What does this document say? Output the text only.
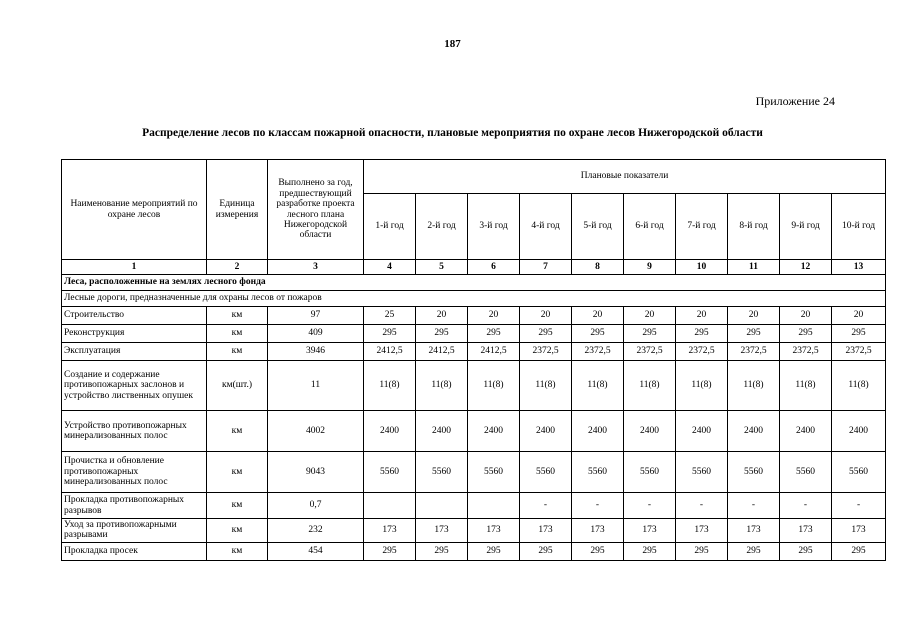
187
Приложение 24
Распределение лесов по классам пожарной опасности, плановые мероприятия по охране лесов Нижегородской области
Наименование мероприятий по охране лесов	Единица измерения	Выполнено за год, предшествующий разработке проекта лесного плана Нижегородской области	Плановые показатели									
			1-й год	2-й год	3-й год	4-й год	5-й год	6-й год	7-й год	8-й год	9-й год	10-й год
1	2	3	4	5	6	7	8	9	10	11	12	13
Леса, расположенные на землях лесного фонда												
Лесные дороги, предназначенные для охраны лесов от пожаров												
Строительство	км	97	25	20	20	20	20	20	20	20	20	20
Реконструкция	км	409	295	295	295	295	295	295	295	295	295	295
Эксплуатация	км	3946	2412,5	2412,5	2412,5	2372,5	2372,5	2372,5	2372,5	2372,5	2372,5	2372,5
Создание и содержание противопожарных заслонов и устройство лиственных опушек	км(шт.)	11	11(8)	11(8)	11(8)	11(8)	11(8)	11(8)	11(8)	11(8)	11(8)	11(8)
Устройство противопожарных минерализованных полос	км	4002	2400	2400	2400	2400	2400	2400	2400	2400	2400	2400
Прочистка и обновление противопожарных минерализованных полос	км	9043	5560	5560	5560	5560	5560	5560	5560	5560	5560	5560
Прокладка противопожарных разрывов	км	0,7				-	-	-	-	-	-	-
Уход за противопожарными разрывами	км	232	173	173	173	173	173	173	173	173	173	173
Прокладка просек	км	454	295	295	295	295	295	295	295	295	295	295
